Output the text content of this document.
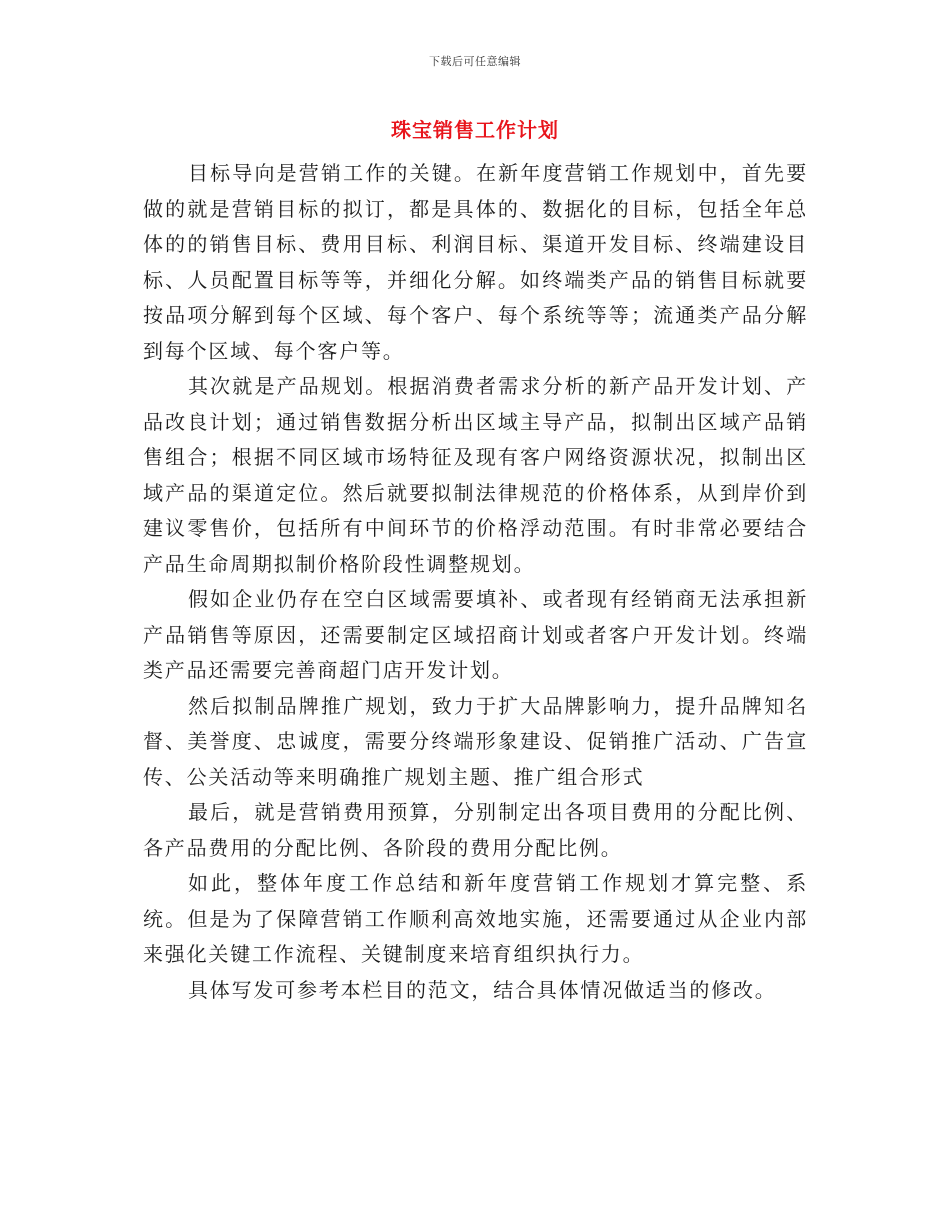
下载后可任意编辑
珠宝销售工作计划

目标导向是营销工作的关键。在新年度营销工作规划中，首先要做的就是营销目标的拟订，都是具体的、数据化的目标，包括全年总体的的销售目标、费用目标、利润目标、渠道开发目标、终端建设目标、人员配置目标等等，并细化分解。如终端类产品的销售目标就要按品项分解到每个区域、每个客户、每个系统等等；流通类产品分解到每个区域、每个客户等。

其次就是产品规划。根据消费者需求分析的新产品开发计划、产品改良计划；通过销售数据分析出区域主导产品，拟制出区域产品销售组合；根据不同区域市场特征及现有客户网络资源状况，拟制出区域产品的渠道定位。然后就要拟制法律规范的价格体系，从到岸价到建议零售价，包括所有中间环节的价格浮动范围。有时非常必要结合产品生命周期拟制价格阶段性调整规划。

假如企业仍存在空白区域需要填补、或者现有经销商无法承担新产品销售等原因，还需要制定区域招商计划或者客户开发计划。终端类产品还需要完善商超门店开发计划。

然后拟制品牌推广规划，致力于扩大品牌影响力，提升品牌知名督、美誉度、忠诚度，需要分终端形象建设、促销推广活动、广告宣传、公关活动等来明确推广规划主题、推广组合形式

最后，就是营销费用预算，分别制定出各项目费用的分配比例、各产品费用的分配比例、各阶段的费用分配比例。

如此，整体年度工作总结和新年度营销工作规划才算完整、系统。但是为了保障营销工作顺利高效地实施，还需要通过从企业内部来强化关键工作流程、关键制度来培育组织执行力。

具体写发可参考本栏目的范文，结合具体情况做适当的修改。
